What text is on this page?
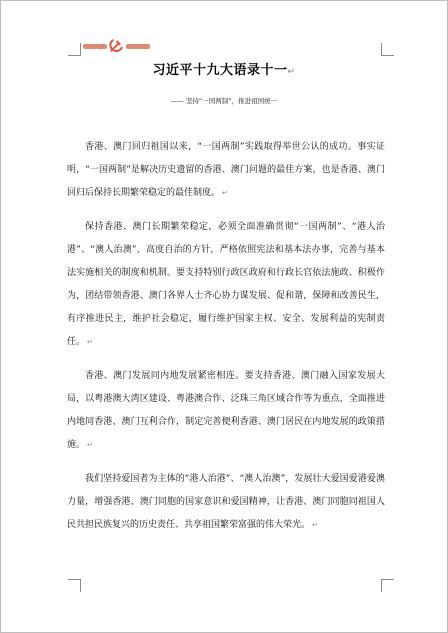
习近平十九大语录十一↵
—— 坚持“一国两制”，推进祖国统一

香港、澳门回归祖国以来，“一国两制”实践取得举世公认的成功。事实证明，“一国两制”是解决历史遗留的香港、澳门问题的最佳方案，也是香港、澳门回归后保持长期繁荣稳定的最佳制度。 ↵

保持香港、澳门长期繁荣稳定，必须全面准确贯彻“一国两制”、“港人治港”、“澳人治澳”、高度自治的方针，严格依照宪法和基本法办事，完善与基本法实施相关的制度和机制。要支持特别行政区政府和行政长官依法施政、积极作为，团结带领香港、澳门各界人士齐心协力谋发展、促和谐，保障和改善民生，有序推进民主，维护社会稳定，履行维护国家主权、安全、发展利益的宪制责任。 ↵

香港、澳门发展同内地发展紧密相连。要支持香港、澳门融入国家发展大局，以粤港澳大湾区建设、粤港澳合作、泛珠三角区域合作等为重点，全面推进内地同香港、澳门互利合作，制定完善便利香港、澳门居民在内地发展的政策措施。 ↵

我们坚持爱国者为主体的“港人治港”、“澳人治澳”，发展壮大爱国爱港爱澳力量，增强香港、澳门同胞的国家意识和爱国精神，让香港、澳门同胞同祖国人民共担民族复兴的历史责任、共享祖国繁荣富强的伟大荣光。 ↵
